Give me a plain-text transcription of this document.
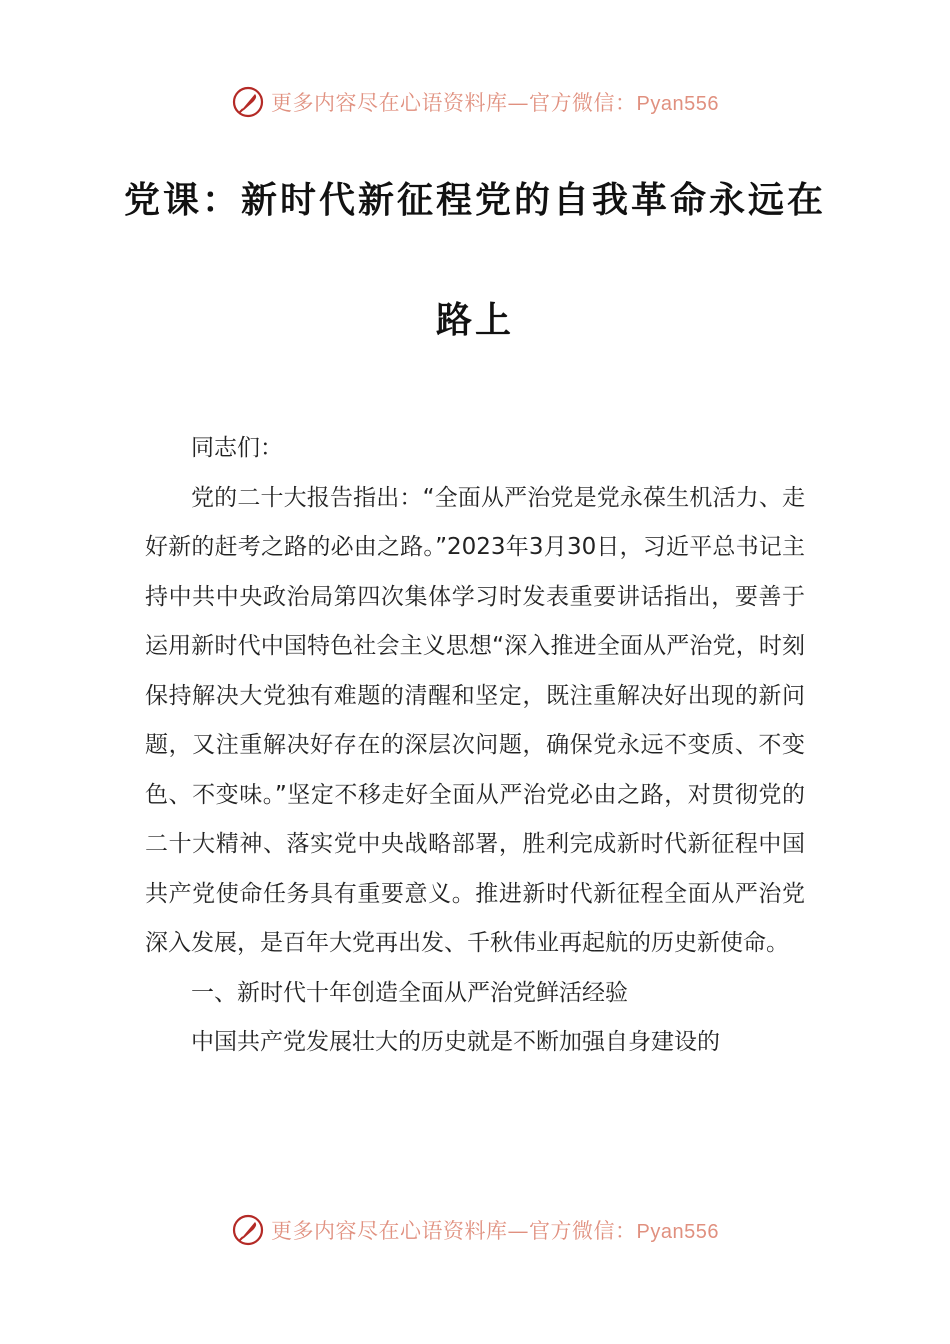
更多内容尽在心语资料库—官方微信：Pyan556
党课：新时代新征程党的自我革命永远在
路上

同志们：

党的二十大报告指出：“全面从严治党是党永葆生机活力、走好新的赶考之路的必由之路。”2023年3月30日，习近平总书记主持中共中央政治局第四次集体学习时发表重要讲话指出，要善于运用新时代中国特色社会主义思想“深入推进全面从严治党，时刻保持解决大党独有难题的清醒和坚定，既注重解决好出现的新问题，又注重解决好存在的深层次问题，确保党永远不变质、不变色、不变味。”坚定不移走好全面从严治党必由之路，对贯彻党的二十大精神、落实党中央战略部署，胜利完成新时代新征程中国共产党使命任务具有重要意义。推进新时代新征程全面从严治党深入发展，是百年大党再出发、千秋伟业再起航的历史新使命。

一、新时代十年创造全面从严治党鲜活经验

中国共产党发展壮大的历史就是不断加强自身建设的

更多内容尽在心语资料库—官方微信：Pyan556
